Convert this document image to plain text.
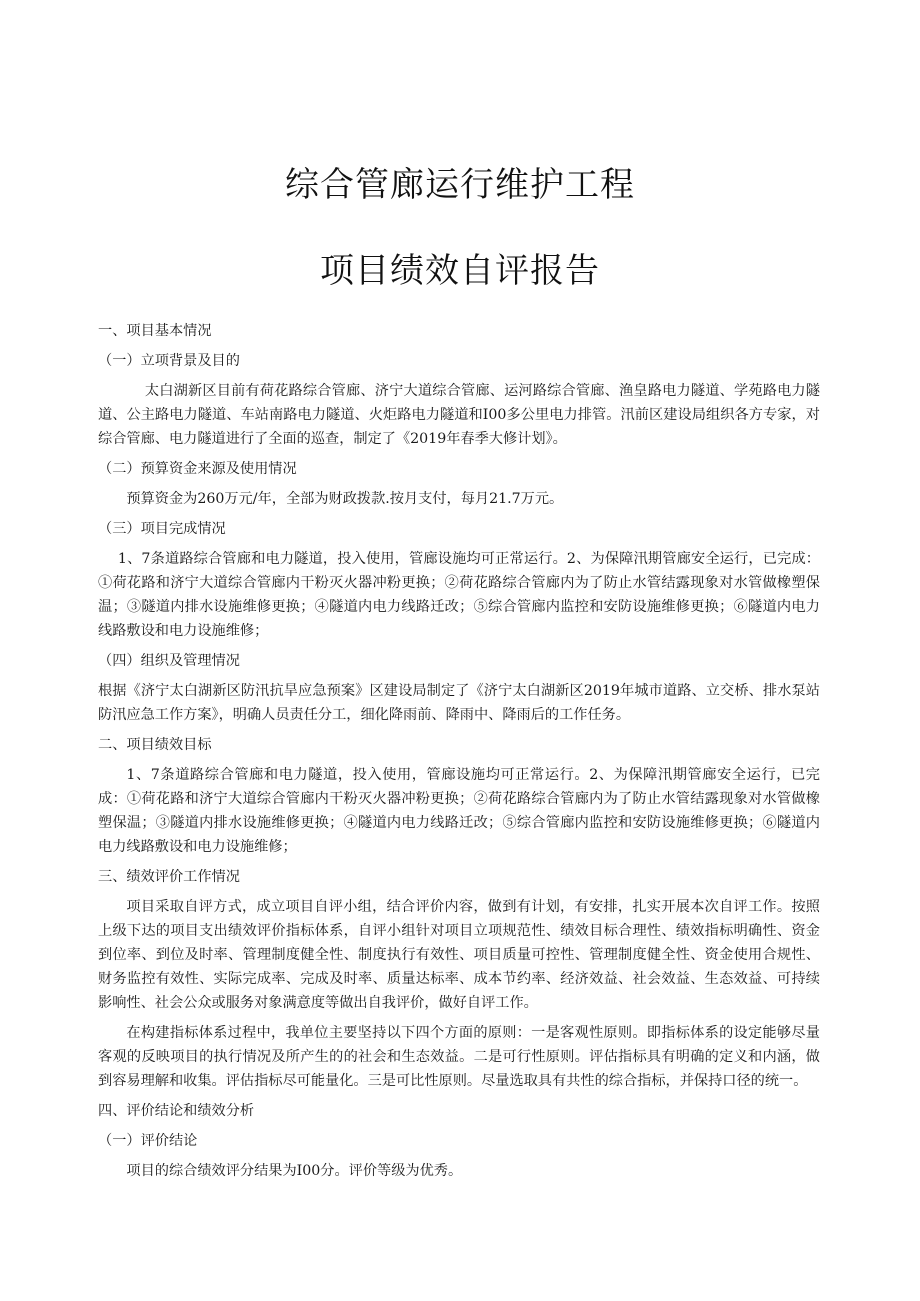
综合管廊运行维护工程
项目绩效自评报告

一、项目基本情况

（一）立项背景及目的

太白湖新区目前有荷花路综合管廊、济宁大道综合管廊、运河路综合管廊、渔皇路电力隧道、学苑路电力隧道、公主路电力隧道、车站南路电力隧道、火炬路电力隧道和I00多公里电力排管。汛前区建设局组织各方专家，对综合管廊、电力隧道进行了全面的巡查，制定了《2019年春季大修计划》。

（二）预算资金来源及使用情况

预算资金为260万元/年，全部为财政拨款.按月支付，每月21.7万元。

（三）项目完成情况

1、7条道路综合管廊和电力隧道，投入使用，管廊设施均可正常运行。2、为保障汛期管廊安全运行，已完成：①荷花路和济宁大道综合管廊内干粉灭火器冲粉更换；②荷花路综合管廊内为了防止水管结露现象对水管做橡塑保温；③隧道内排水设施维修更换；④隧道内电力线路迁改；⑤综合管廊内监控和安防设施维修更换；⑥隧道内电力线路敷设和电力设施维修；

（四）组织及管理情况

根据《济宁太白湖新区防汛抗旱应急预案》区建设局制定了《济宁太白湖新区2019年城市道路、立交桥、排水泵站防汛应急工作方案》，明确人员责任分工，细化降雨前、降雨中、降雨后的工作任务。

二、项目绩效目标

1、7条道路综合管廊和电力隧道，投入使用，管廊设施均可正常运行。2、为保障汛期管廊安全运行，已完成：①荷花路和济宁大道综合管廊内干粉灭火器冲粉更换；②荷花路综合管廊内为了防止水管结露现象对水管做橡塑保温；③隧道内排水设施维修更换；④隧道内电力线路迁改；⑤综合管廊内监控和安防设施维修更换；⑥隧道内电力线路敷设和电力设施维修；

三、绩效评价工作情况

项目采取自评方式，成立项目自评小组，结合评价内容，做到有计划，有安排，扎实开展本次自评工作。按照上级下达的项目支出绩效评价指标体系，自评小组针对项目立项规范性、绩效目标合理性、绩效指标明确性、资金到位率、到位及时率、管理制度健全性、制度执行有效性、项目质量可控性、管理制度健全性、资金使用合规性、财务监控有效性、实际完成率、完成及时率、质量达标率、成本节约率、经济效益、社会效益、生态效益、可持续影响性、社会公众或服务对象满意度等做出自我评价，做好自评工作。

在构建指标体系过程中，我单位主要坚持以下四个方面的原则：一是客观性原则。即指标体系的设定能够尽量客观的反映项目的执行情况及所产生的的社会和生态效益。二是可行性原则。评估指标具有明确的定义和内涵，做到容易理解和收集。评估指标尽可能量化。三是可比性原则。尽量选取具有共性的综合指标，并保持口径的统一。

四、评价结论和绩效分析

（一）评价结论

项目的综合绩效评分结果为I00分。评价等级为优秀。
